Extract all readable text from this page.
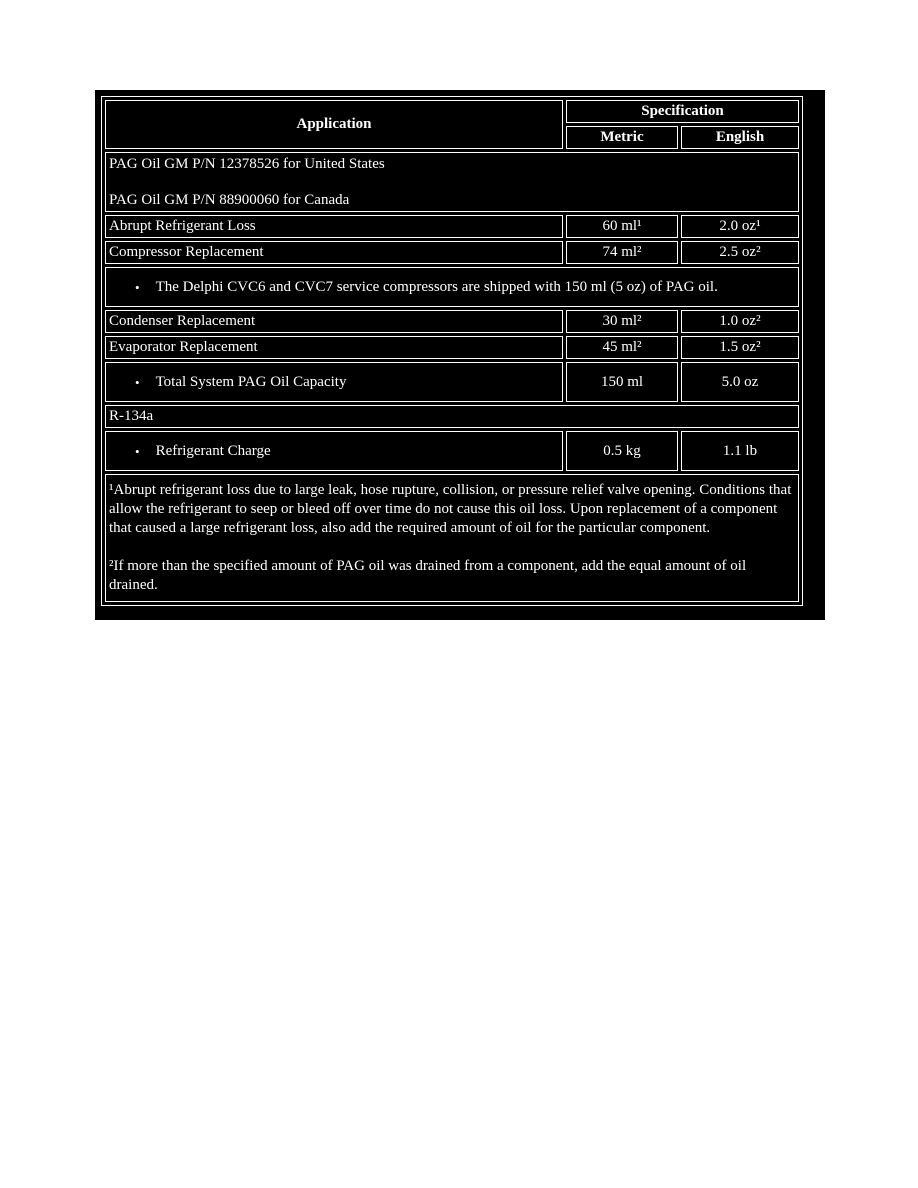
Application	Specification	
	Metric	English

PAG Oil GM P/N 12378526 for United States
PAG Oil GM P/N 88900060 for Canada		

Abrupt Refrigerant Loss	60 ml¹	2.0 oz¹
Compressor Replacement	74 ml²	2.5 oz²
• The Delphi CVC6 and CVC7 service compressors are shipped with 150 ml (5 oz) of PAG oil.		
Condenser Replacement	30 ml²	1.0 oz²
Evaporator Replacement	45 ml²	1.5 oz²
• Total System PAG Oil Capacity	150 ml	5.0 oz
R-134a		
• Refrigerant Charge	0.5 kg	1.1 lb

¹Abrupt refrigerant loss due to large leak, hose rupture, collision, or pressure relief valve opening. Conditions that allow the refrigerant to seep or bleed off over time do not cause this oil loss. Upon replacement of a component that caused a large refrigerant loss, also add the required amount of oil for the particular component.

²If more than the specified amount of PAG oil was drained from a component, add the equal amount of oil drained.		
